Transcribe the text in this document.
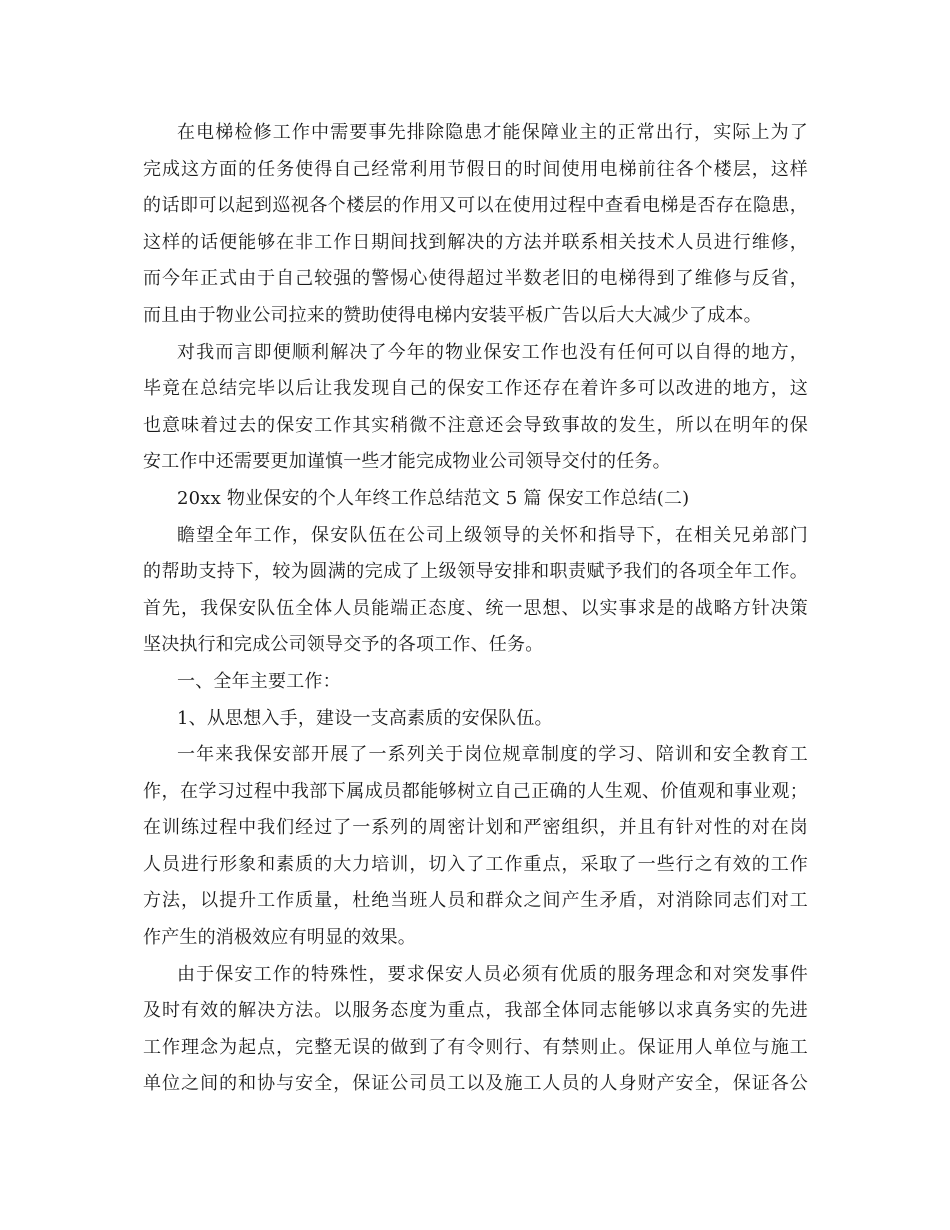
在电梯检修工作中需要事先排除隐患才能保障业主的正常出行，实际上为了
完成这方面的任务使得自己经常利用节假日的时间使用电梯前往各个楼层，这样
的话即可以起到巡视各个楼层的作用又可以在使用过程中查看电梯是否存在隐患，
这样的话便能够在非工作日期间找到解决的方法并联系相关技术人员进行维修，
而今年正式由于自己较强的警惕心使得超过半数老旧的电梯得到了维修与反省，
而且由于物业公司拉来的赞助使得电梯内安装平板广告以后大大减少了成本。
对我而言即便顺利解决了今年的物业保安工作也没有任何可以自得的地方，
毕竟在总结完毕以后让我发现自己的保安工作还存在着许多可以改进的地方，这
也意味着过去的保安工作其实稍微不注意还会导致事故的发生，所以在明年的保
安工作中还需要更加谨慎一些才能完成物业公司领导交付的任务。
20xx 物业保安的个人年终工作总结范文 5 篇 保安工作总结(二)
瞻望全年工作，保安队伍在公司上级领导的关怀和指导下，在相关兄弟部门
的帮助支持下，较为圆满的完成了上级领导安排和职责赋予我们的各项全年工作。
首先，我保安队伍全体人员能端正态度、统一思想、以实事求是的战略方针决策
坚决执行和完成公司领导交予的各项工作、任务。
一、全年主要工作：
1、从思想入手，建设一支高素质的安保队伍。
一年来我保安部开展了一系列关于岗位规章制度的学习、陪训和安全教育工
作，在学习过程中我部下属成员都能够树立自己正确的人生观、价值观和事业观；
在训练过程中我们经过了一系列的周密计划和严密组织，并且有针对性的对在岗
人员进行形象和素质的大力培训，切入了工作重点，采取了一些行之有效的工作
方法，以提升工作质量，杜绝当班人员和群众之间产生矛盾，对消除同志们对工
作产生的消极效应有明显的效果。
由于保安工作的特殊性，要求保安人员必须有优质的服务理念和对突发事件
及时有效的解决方法。以服务态度为重点，我部全体同志能够以求真务实的先进
工作理念为起点，完整无误的做到了有令则行、有禁则止。保证用人单位与施工
单位之间的和协与安全，保证公司员工以及施工人员的人身财产安全，保证各公
